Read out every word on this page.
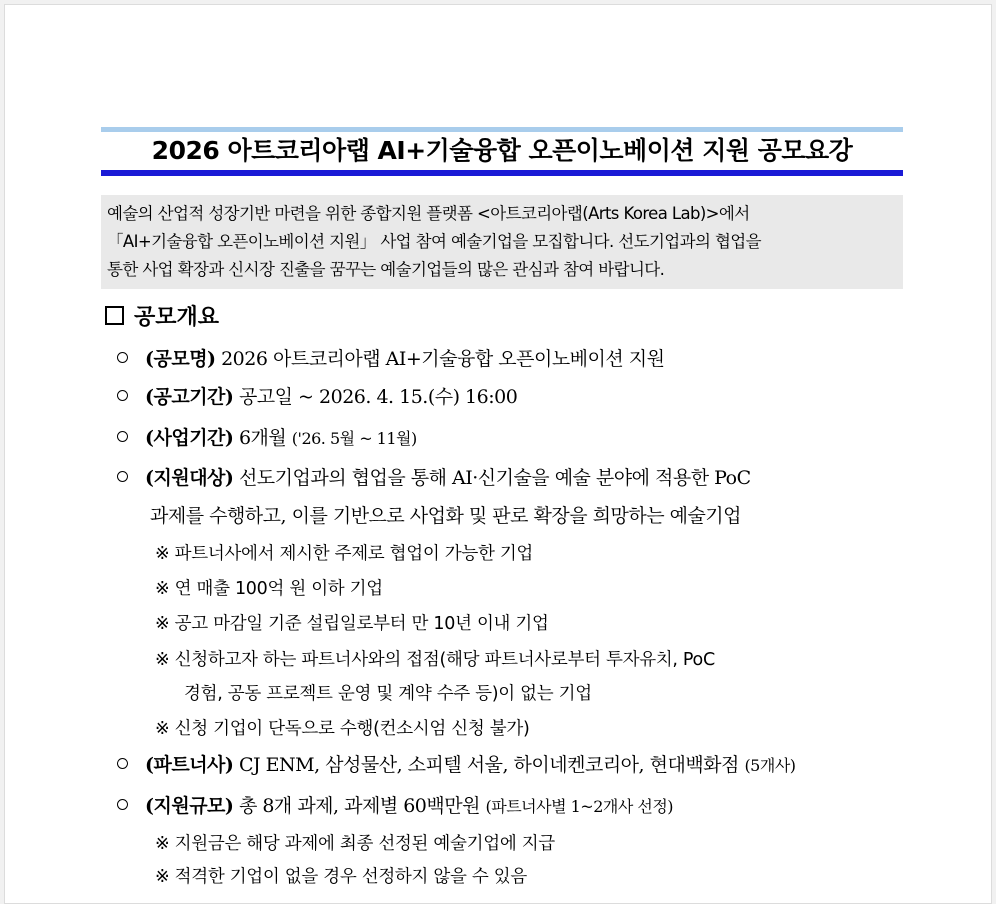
2026 아트코리아랩 AI+기술융합 오픈이노베이션 지원 공모요강
예술의 산업적 성장기반 마련을 위한 종합지원 플랫폼 <아트코리아랩(Arts Korea Lab)>에서
「AI+기술융합 오픈이노베이션 지원」 사업 참여 예술기업을 모집합니다. 선도기업과의 협업을
통한 사업 확장과 신시장 진출을 꿈꾸는 예술기업들의 많은 관심과 참여 바랍니다.
공모개요
(공모명) 2026 아트코리아랩 AI+기술융합 오픈이노베이션 지원
(공고기간) 공고일 ~ 2026. 4. 15.(수) 16:00
(사업기간) 6개월 ('26. 5월 ~ 11월)
(지원대상) 선도기업과의 협업을 통해 AI·신기술을 예술 분야에 적용한 PoC
과제를 수행하고, 이를 기반으로 사업화 및 판로 확장을 희망하는 예술기업
※ 파트너사에서 제시한 주제로 협업이 가능한 기업
※ 연 매출 100억 원 이하 기업
※ 공고 마감일 기준 설립일로부터 만 10년 이내 기업
※ 신청하고자 하는 파트너사와의 접점(해당 파트너사로부터 투자유치, PoC
경험, 공동 프로젝트 운영 및 계약 수주 등)이 없는 기업
※ 신청 기업이 단독으로 수행(컨소시엄 신청 불가)
(파트너사) CJ ENM, 삼성물산, 소피텔 서울, 하이네켄코리아, 현대백화점 (5개사)
(지원규모) 총 8개 과제, 과제별 60백만원 (파트너사별 1~2개사 선정)
※ 지원금은 해당 과제에 최종 선정된 예술기업에 지급
※ 적격한 기업이 없을 경우 선정하지 않을 수 있음
